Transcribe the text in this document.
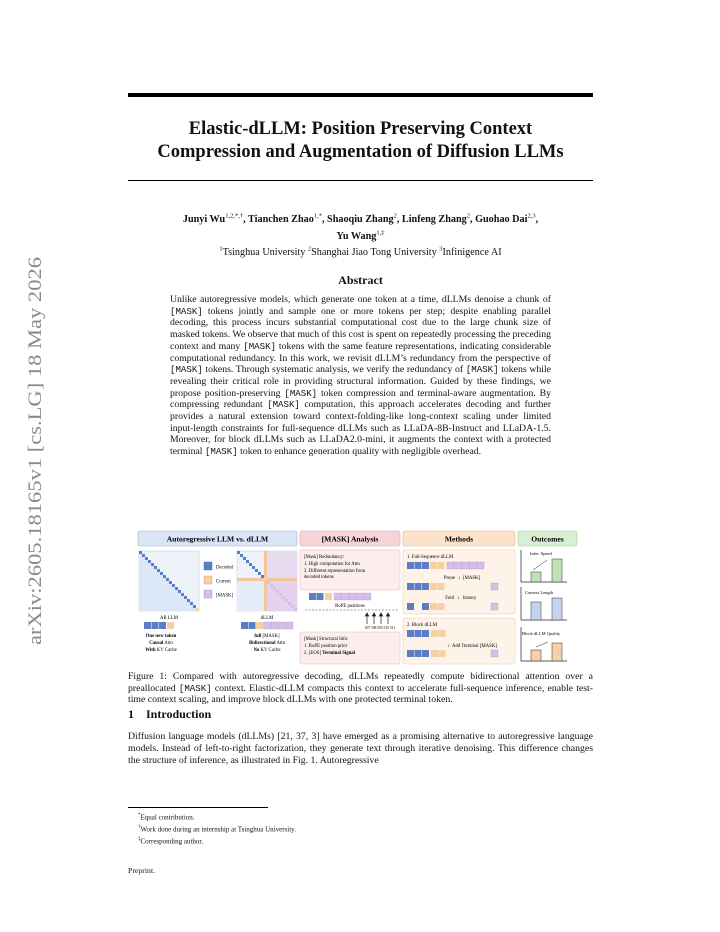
arXiv:2605.18165v1 [cs.LG] 18 May 2026
Elastic-dLLM: Position Preserving Context
Compression and Augmentation of Diffusion LLMs
Junyi $Wu^{1,2,*,\dagger}$, Tianchen Zhao$^{1,*}$, Shaoqiu Zhang$^2$, Linfeng Zhang$^2$, Guohao Dai$^{2,3}$,
Yu Wang$^{1,\ddagger}$
$^1$Tsinghua University $^2$Shanghai Jiao Tong University $^3$Infinigence AI
Abstract
Unlike autoregressive models, which generate one token at a time, dLLMs denoise a chunk of [MASK] tokens jointly and sample one or more tokens per step; despite enabling parallel decoding, this process incurs substantial computational cost due to the large chunk size of masked tokens. We observe that much of this cost is spent on repeatedly processing the preceding context and many [MASK] tokens with the same feature representations, indicating considerable computational redundancy. In this work, we revisit dLLM’s redundancy from the perspective of [MASK] tokens. Through systematic analysis, we verify the redundancy of [MASK] tokens while revealing their critical role in providing structural information. Guided by these findings, we propose position-preserving [MASK] token compression and terminal-aware augmentation. By compressing redundant [MASK] computation, this approach accelerates decoding and further provides a natural extension toward context-folding-like long-context scaling under limited input-length constraints for full-sequence dLLMs such as LLaDA-8B-Instruct and LLaDA-1.5. Moreover, for block dLLMs such as LLaDA2.0-mini, it augments the context with a protected terminal [MASK] token to enhance generation quality with negligible overhead.
Autoregressive LLM vs. dLLM
AR LLM
Decoded
Current
[MASK]
dLLM
One new token
Causal Attn
With KV Cache
full [MASK]
Bidirectional Attn
No KV Cache
[MASK] Analysis
[Mask] Redundancy:
1. High computation for Attn
2. Different representation from
decoded tokens
RoPE positions
507 508 509 510 511
[Mask] Structural Info:
1. RoPE position prior
2. [EOS] Terminal Signal
Methods
1. Full-Sequence dLLM
Prune ↓ [MASK]
Fold ↓ history
2. Block dLLM
↓ Add Terminal [MASK]
Outcomes
Infer. Speed
Context Length
Block dLLM Quality
Figure 1: Compared with autoregressive decoding, dLLMs repeatedly compute bidirectional attention over a preallocated [MASK] context. Elastic-dLLM compacts this context to accelerate full-sequence inference, enable test-time context scaling, and improve block dLLMs with one protected terminal token.
1 Introduction
Diffusion language models (dLLMs) [21, 37, 3] have emerged as a promising alternative to autoregressive language models. Instead of left-to-right factorization, they generate text through iterative denoising. This difference changes the structure of inference, as illustrated in Fig. 1. Autoregressive
*Equal contribution.
†Work done during an internship at Tsinghua University.
‡Corresponding author.
Preprint.
